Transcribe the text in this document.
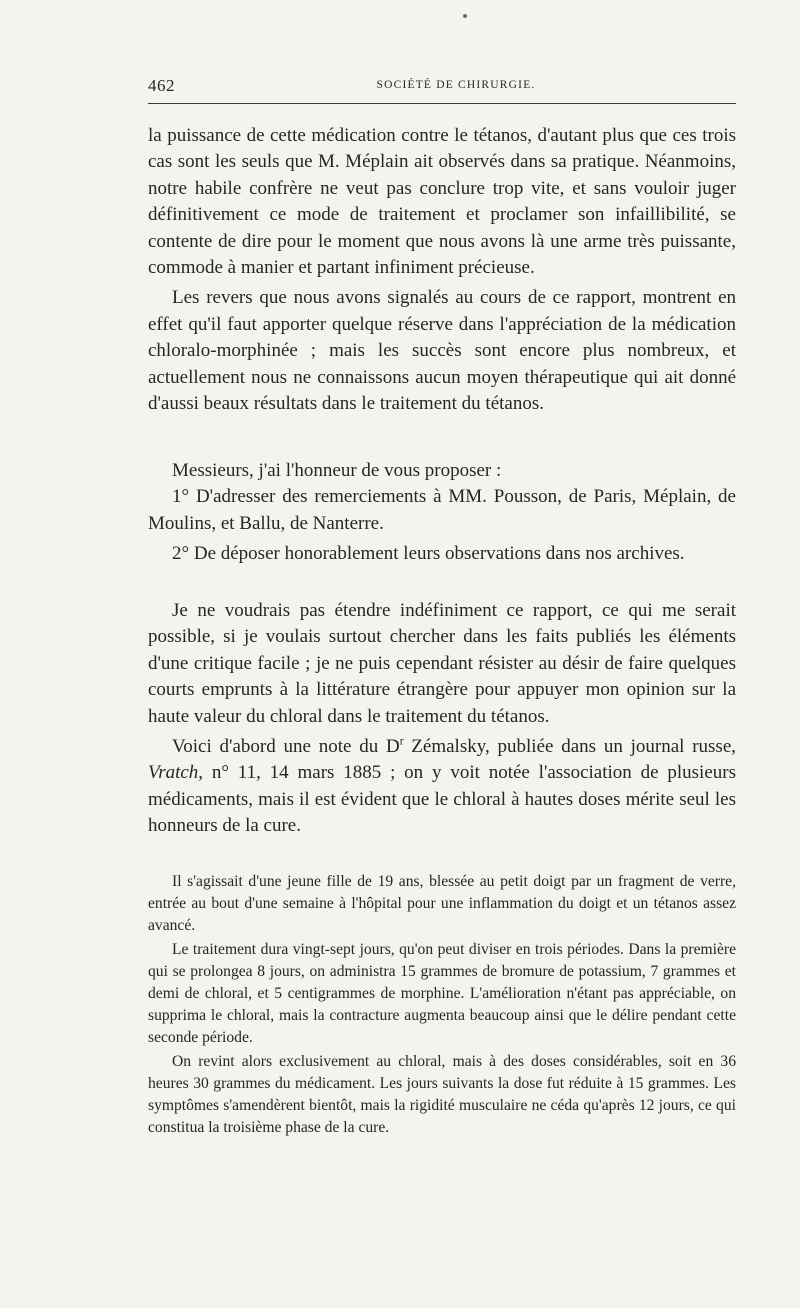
462	SOCIÉTÉ DE CHIRURGIE.

la puissance de cette médication contre le tétanos, d'autant plus que ces trois cas sont les seuls que M. Méplain ait observés dans sa pratique. Néanmoins, notre habile confrère ne veut pas conclure trop vite, et sans vouloir juger définitivement ce mode de traitement et proclamer son infaillibilité, se contente de dire pour le moment que nous avons là une arme très puissante, commode à manier et partant infiniment précieuse.

Les revers que nous avons signalés au cours de ce rapport, montrent en effet qu'il faut apporter quelque réserve dans l'appréciation de la médication chloralo-morphinée ; mais les succès sont encore plus nombreux, et actuellement nous ne connaissons aucun moyen thérapeutique qui ait donné d'aussi beaux résultats dans le traitement du tétanos.

Messieurs, j'ai l'honneur de vous proposer :

1° D'adresser des remerciements à MM. Pousson, de Paris, Méplain, de Moulins, et Ballu, de Nanterre.

2° De déposer honorablement leurs observations dans nos archives.

Je ne voudrais pas étendre indéfiniment ce rapport, ce qui me serait possible, si je voulais surtout chercher dans les faits publiés les éléments d'une critique facile ; je ne puis cependant résister au désir de faire quelques courts emprunts à la littérature étrangère pour appuyer mon opinion sur la haute valeur du chloral dans le traitement du tétanos.

Voici d'abord une note du $D^r$ Zémalsky, publiée dans un journal russe, Vratch, n° 11, 14 mars 1885 ; on y voit notée l'association de plusieurs médicaments, mais il est évident que le chloral à hautes doses mérite seul les honneurs de la cure.

Il s'agissait d'une jeune fille de 19 ans, blessée au petit doigt par un fragment de verre, entrée au bout d'une semaine à l'hôpital pour une inflammation du doigt et un tétanos assez avancé.

Le traitement dura vingt-sept jours, qu'on peut diviser en trois périodes. Dans la première qui se prolongea 8 jours, on administra 15 grammes de bromure de potassium, 7 grammes et demi de chloral, et 5 centigrammes de morphine. L'amélioration n'étant pas appréciable, on supprima le chloral, mais la contracture augmenta beaucoup ainsi que le délire pendant cette seconde période.

On revint alors exclusivement au chloral, mais à des doses considérables, soit en 36 heures 30 grammes du médicament. Les jours suivants la dose fut réduite à 15 grammes. Les symptômes s'amendèrent bientôt, mais la rigidité musculaire ne céda qu'après 12 jours, ce qui constitua la troisième phase de la cure.
